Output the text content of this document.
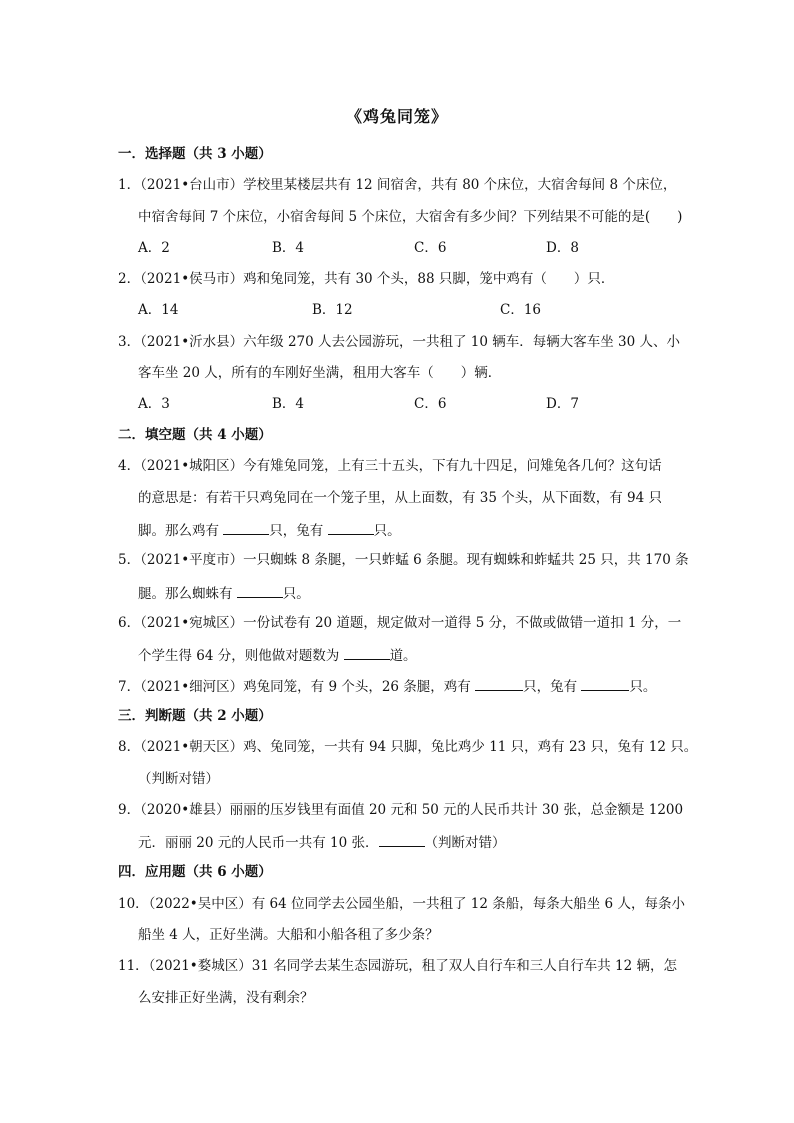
《鸡兔同笼》
一．选择题（共 3 小题）
1．（2021•台山市）学校里某楼层共有 12 间宿舍，共有 80 个床位，大宿舍每间 8 个床位，
中宿舍每间 7 个床位，小宿舍每间 5 个床位，大宿舍有多少间？下列结果不可能的是(　　)
A．2	B．4	C．6	D．8
2．（2021•侯马市）鸡和兔同笼，共有 30 个头，88 只脚，笼中鸡有（　　）只．
A．14	B．12	C．16
3．（2021•沂水县）六年级 270 人去公园游玩，一共租了 10 辆车．每辆大客车坐 30 人、小
客车坐 20 人，所有的车刚好坐满，租用大客车（　　）辆．
A．3	B．4	C．6	D．7
二．填空题（共 4 小题）
4．（2021•城阳区）今有雉兔同笼，上有三十五头，下有九十四足，问雉兔各几何？这句话
的意思是：有若干只鸡兔同在一个笼子里，从上面数，有 35 个头，从下面数，有 94 只
脚。那么鸡有	只，兔有	只。
5．（2021•平度市）一只蜘蛛 8 条腿，一只蚱蜢 6 条腿。现有蜘蛛和蚱蜢共 25 只，共 170 条
腿。那么蜘蛛有	只。
6．（2021•宛城区）一份试卷有 20 道题，规定做对一道得 5 分，不做或做错一道扣 1 分，一
个学生得 64 分，则他做对题数为	道。
7．（2021•细河区）鸡兔同笼，有 9 个头，26 条腿，鸡有	只，兔有	只。
三．判断题（共 2 小题）
8．（2021•朝天区）鸡、兔同笼，一共有 94 只脚，兔比鸡少 11 只，鸡有 23 只，兔有 12 只。
（判断对错）
9．（2020•雄县）丽丽的压岁钱里有面值 20 元和 50 元的人民币共计 30 张，总金额是 1200
元．丽丽 20 元的人民币一共有 10 张．	（判断对错）
四．应用题（共 6 小题）
10．（2022•吴中区）有 64 位同学去公园坐船，一共租了 12 条船，每条大船坐 6 人，每条小
船坐 4 人，正好坐满。大船和小船各租了多少条？
11．（2021•婺城区）31 名同学去某生态园游玩，租了双人自行车和三人自行车共 12 辆，怎
么安排正好坐满，没有剩余？
